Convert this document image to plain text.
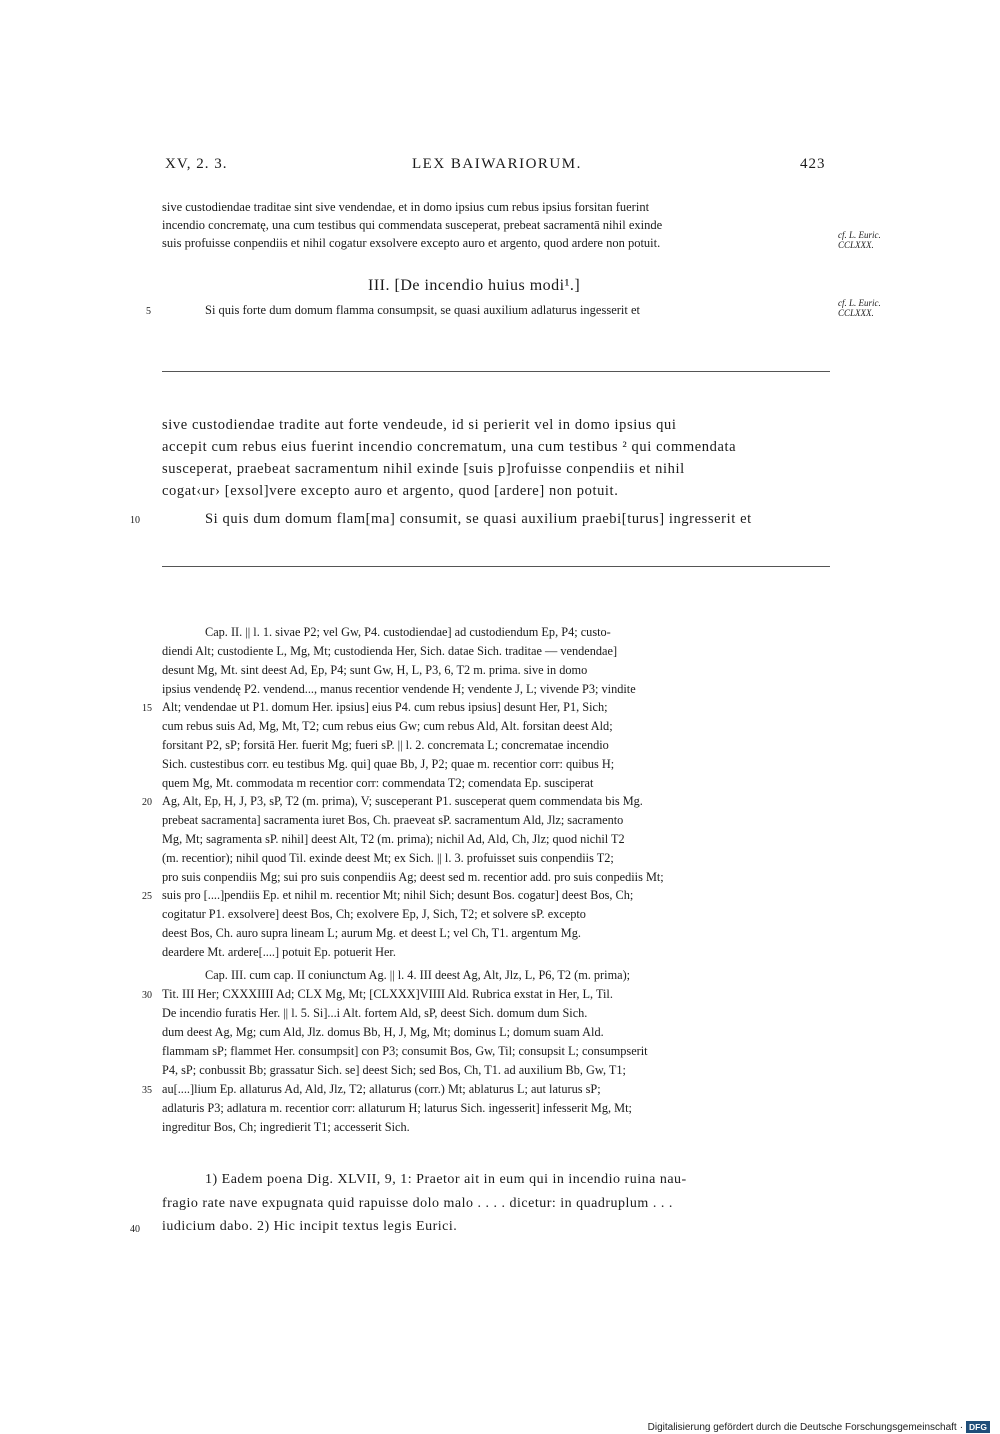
XV, 2. 3.	LEX BAIWARIORUM.	423
sive custodiendae traditae sint sive vendendae, et in domo ipsius cum rebus ipsius forsitan fuerint
incendio concrematę, una cum testibus qui commendata susceperat, prebeat sacramentā nihil exinde
suis profuisse conpendiis et nihil cogatur exsolvere excepto auro et argento, quod ardere non potuit.
cf. L. Euric.
CCLXXX.
III. [De incendio huius modi¹.]
5	Si quis forte dum domum flamma consumpsit, se quasi auxilium adlaturus ingesserit et	cf. L. Euric.
CCLXXX.
sive custodiendae tradite aut forte vendeude, id si perierit vel in domo ipsius qui
accepit cum rebus eius fuerint incendio concrematum, una cum testibus ² qui commendata
susceperat, praebeat sacramentum nihil exinde [suis p]rofuisse conpendiis et nihil
cogat‹ur› [exsol]vere excepto auro et argento, quod [ardere] non potuit.
10	Si quis dum domum flam[ma] consumit, se quasi auxilium praebi[turus] ingresserit et
Cap. II. || l. 1. sivae P2; vel Gw, P4. custodiendae] ad custodiendum Ep, P4; custo-
diendi Alt; custodiente L, Mg, Mt; custodienda Her, Sich. datae Sich. traditae — vendendae]
desunt Mg, Mt. sint deest Ad, Ep, P4; sunt Gw, H, L, P3, 6, T2 m. prima. sive in domo
ipsius vendendę P2. vendend..., manus recentior vendende H; vendente J, L; vivende P3; vindite
15 Alt; vendendae ut P1. domum Her. ipsius] eius P4. cum rebus ipsius] desunt Her, P1, Sich;
cum rebus suis Ad, Mg, Mt, T2; cum rebus eius Gw; cum rebus Ald, Alt. forsitan deest Ald;
forsitant P2, sP; forsitā Her. fuerit Mg; fueri sP. || l. 2. concremata L; concrematae incendio
Sich. custestibus corr. eu testibus Mg. qui] quae Bb, J, P2; quae m. recentior corr: quibus H;
quem Mg, Mt. commodata m recentior corr: commendata T2; comendata Ep. susciperat
20 Ag, Alt, Ep, H, J, P3, sP, T2 (m. prima), V; susceperant P1. susceperat quem commendata bis Mg.
prebeat sacramenta] sacramenta iuret Bos, Ch. praeveat sP. sacramentum Ald, Jlz; sacramento
Mg, Mt; sagramenta sP. nihil] deest Alt, T2 (m. prima); nichil Ad, Ald, Ch, Jlz; quod nichil T2
(m. recentior); nihil quod Til. exinde deest Mt; ex Sich. || l. 3. profuisset suis conpendiis T2;
pro suis conpendiis Mg; sui pro suis conpendiis Ag; deest sed m. recentior add. pro suis conpediis Mt;
25 suis pro [....]pendiis Ep. et nihil m. recentior Mt; nihil Sich; desunt Bos. cogatur] deest Bos, Ch;
cogitatur P1. exsolvere] deest Bos, Ch; exolvere Ep, J, Sich, T2; et solvere sP. excepto
deest Bos, Ch. auro supra lineam L; aurum Mg. et deest L; vel Ch, T1. argentum Mg.
deardere Mt. ardere[....] potuit Ep. potuerit Her.
Cap. III. cum cap. II coniunctum Ag. || l. 4. III deest Ag, Alt, Jlz, L, P6, T2 (m. prima);
30 Tit. III Her; CXXXIIII Ad; CLX Mg, Mt; [CLXXX]VIIII Ald. Rubrica exstat in Her, L, Til.
De incendio furatis Her. || l. 5. Si]...i Alt. fortem Ald, sP, deest Sich. domum dum Sich.
dum deest Ag, Mg; cum Ald, Jlz. domus Bb, H, J, Mg, Mt; dominus L; domum suam Ald.
flammam sP; flammet Her. consumpsit] con P3; consumit Bos, Gw, Til; consupsit L; consumpserit
P4, sP; conbussit Bb; grassatur Sich. se] deest Sich; sed Bos, Ch, T1. ad auxilium Bb, Gw, T1;
35 au[....]lium Ep. allaturus Ad, Ald, Jlz, T2; allaturus (corr.) Mt; ablaturus L; aut laturus sP;
adlaturis P3; adlatura m. recentior corr: allaturum H; laturus Sich. ingesserit] infesserit Mg, Mt;
ingreditur Bos, Ch; ingredierit T1; accesserit Sich.
1) Eadem poena Dig. XLVII, 9, 1: Praetor ait in eum qui in incendio ruina nau-
fragio rate nave expugnata quid rapuisse dolo malo . . . . dicetur: in quadruplum . . .
40 iudicium dabo. 2) Hic incipit textus legis Eurici.
Digitalisierung gefördert durch die Deutsche Forschungsgemeinschaft · DFG
